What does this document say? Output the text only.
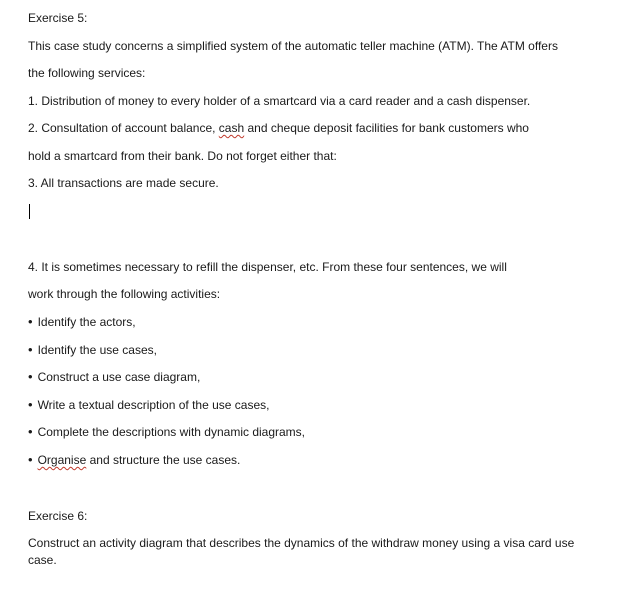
Exercise 5:
This case study concerns a simplified system of the automatic teller machine (ATM). The ATM offers
the following services:
1. Distribution of money to every holder of a smartcard via a card reader and a cash dispenser.
2. Consultation of account balance, cash and cheque deposit facilities for bank customers who
hold a smartcard from their bank. Do not forget either that:
3. All transactions are made secure.
4. It is sometimes necessary to refill the dispenser, etc. From these four sentences, we will
work through the following activities:
• Identify the actors,
• Identify the use cases,
• Construct a use case diagram,
• Write a textual description of the use cases,
• Complete the descriptions with dynamic diagrams,
• Organise and structure the use cases.
Exercise 6:
Construct an activity diagram that describes the dynamics of the withdraw money using a visa card use
case.
